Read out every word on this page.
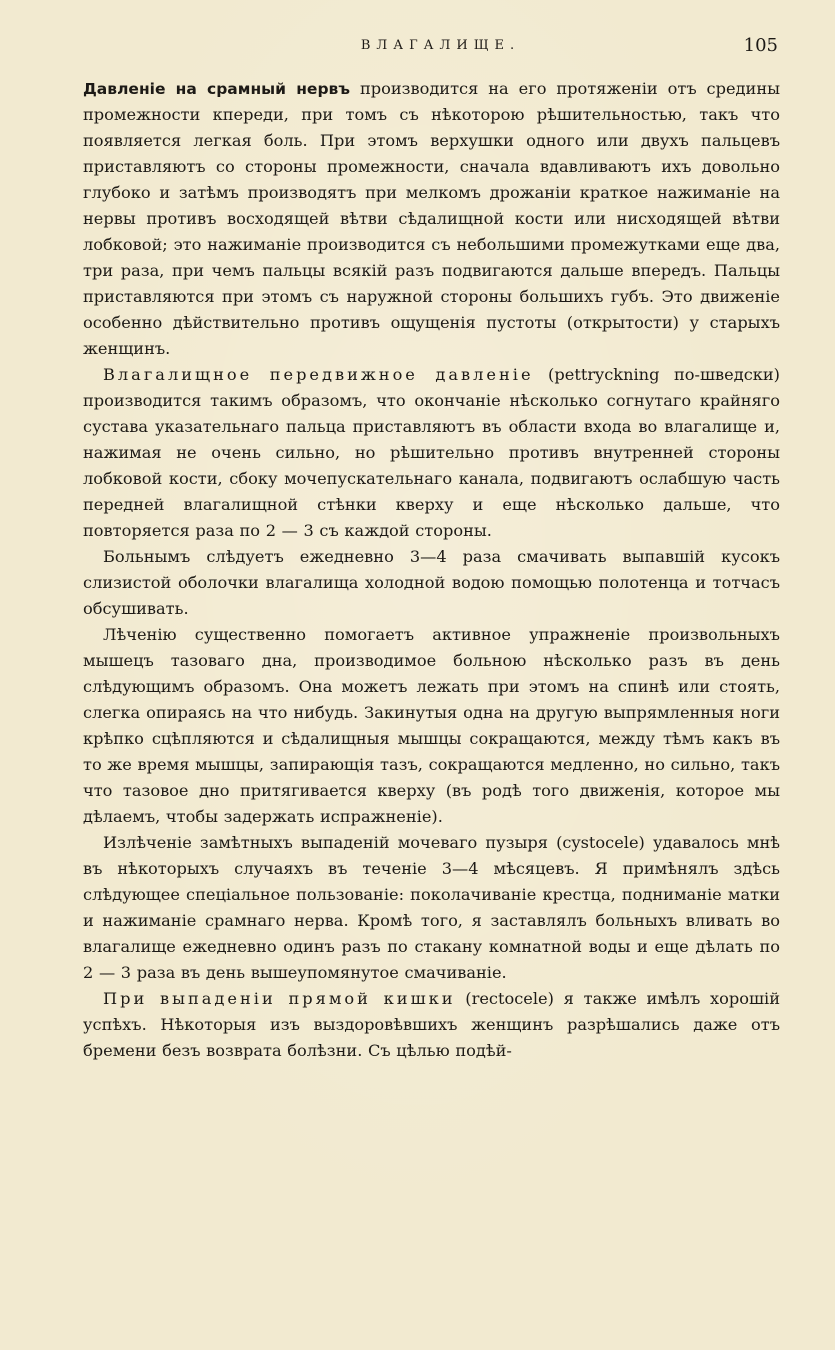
ВЛАГАЛИЩЕ.	105

Давленіе на срамный нервъ производится на его протяженіи отъ средины промежности кпереди, при томъ съ нѣкоторою рѣшительностью, такъ что появляется легкая боль. При этомъ верхушки одного или двухъ пальцевъ приставляютъ со стороны промежности, сначала вдавливаютъ ихъ довольно глубоко и затѣмъ производятъ при мелкомъ дрожаніи краткое нажиманіе на нервы противъ восходящей вѣтви сѣдалищной кости или нисходящей вѣтви лобковой; это нажиманіе производится съ небольшими промежутками еще два, три раза, при чемъ пальцы всякій разъ подвигаются дальше впередъ. Пальцы приставляются при этомъ съ наружной стороны большихъ губъ. Это движеніе особенно дѣйствительно противъ ощущенія пустоты (открытости) у старыхъ женщинъ.

Влагалищное передвижное давленіе (pettryckning по-шведски) производится такимъ образомъ, что окончаніе нѣсколько согнутаго крайняго сустава указательнаго пальца приставляютъ въ области входа во влагалище и, нажимая не очень сильно, но рѣшительно противъ внутренней стороны лобковой кости, сбоку мочепускательнаго канала, подвигаютъ ослабшую часть передней влагалищной стѣнки кверху и еще нѣсколько дальше, что повторяется раза по 2 — 3 съ каждой стороны.

Больнымъ слѣдуетъ ежедневно 3—4 раза смачивать выпавшій кусокъ слизистой оболочки влагалища холодной водою помощью полотенца и тотчасъ обсушивать.

Лѣченію существенно помогаетъ активное упражненіе произвольныхъ мышецъ тазоваго дна, производимое больною нѣсколько разъ въ день слѣдующимъ образомъ. Она можетъ лежать при этомъ на спинѣ или стоять, слегка опираясь на что нибудь. Закинутыя одна на другую выпрямленныя ноги крѣпко сцѣпляются и сѣдалищныя мышцы сокращаются, между тѣмъ какъ въ то же время мышцы, запирающія тазъ, сокращаются медленно, но сильно, такъ что тазовое дно притягивается кверху (въ родѣ того движенія, которое мы дѣлаемъ, чтобы задержать испражненіе).

Излѣченіе замѣтныхъ выпаденій мочеваго пузыря (cystocele) удавалось мнѣ въ нѣкоторыхъ случаяхъ въ теченіе 3—4 мѣсяцевъ. Я примѣнялъ здѣсь слѣдующее спеціальное пользованіе: поколачиваніе крестца, подниманіе матки и нажиманіе срамнаго нерва. Кромѣ того, я заставлялъ больныхъ вливать во влагалище ежедневно одинъ разъ по стакану комнатной воды и еще дѣлать по 2 — 3 раза въ день вышеупомянутое смачиваніе.

При выпаденіи прямой кишки (rectocele) я также имѣлъ хорошій успѣхъ. Нѣкоторыя изъ выздоровѣвшихъ женщинъ разрѣшались даже отъ бремени безъ возврата болѣзни. Съ цѣлью подѣй-
